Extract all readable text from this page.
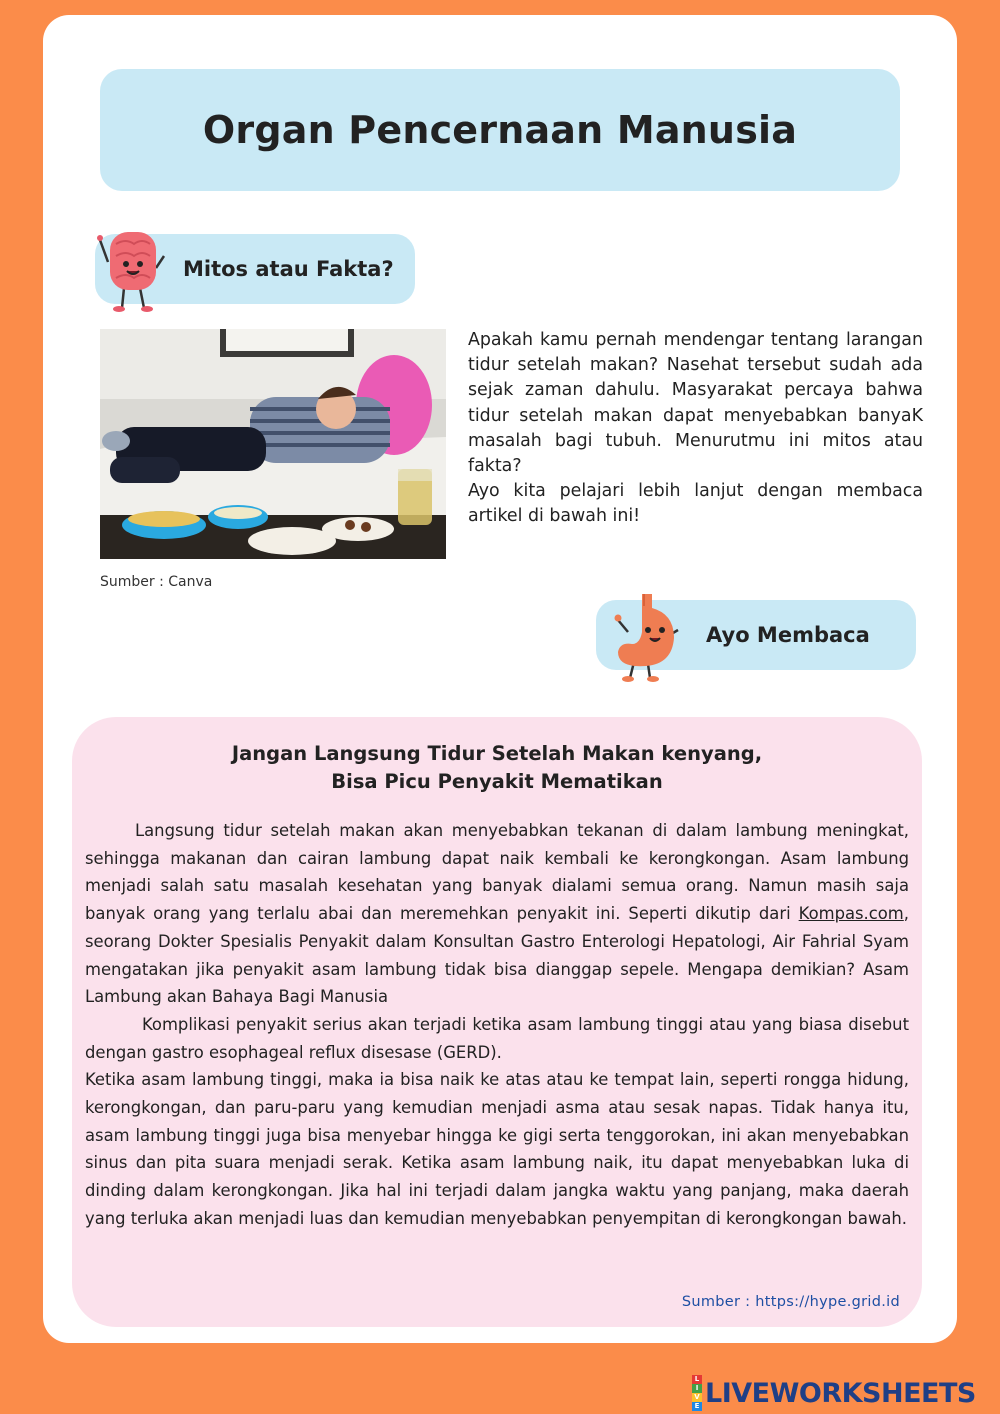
Organ Pencernaan Manusia
Mitos atau Fakta?
Sumber : Canva

Apakah kamu pernah mendengar tentang larangan tidur setelah makan? Nasehat tersebut sudah ada sejak zaman dahulu. Masyarakat percaya bahwa tidur setelah makan dapat menyebabkan banyaK masalah bagi tubuh. Menurutmu ini mitos atau fakta?

Ayo kita pelajari lebih lanjut dengan membaca artikel di bawah ini!

Ayo Membaca
Jangan Langsung Tidur Setelah Makan kenyang,
Bisa Picu Penyakit Mematikan

Langsung tidur setelah makan akan menyebabkan tekanan di dalam lambung meningkat, sehingga makanan dan cairan lambung dapat naik kembali ke kerongkongan. Asam lambung menjadi salah satu masalah kesehatan yang banyak dialami semua orang. Namun masih saja banyak orang yang terlalu abai dan meremehkan penyakit ini. Seperti dikutip dari Kompas.com, seorang Dokter Spesialis Penyakit dalam Konsultan Gastro Enterologi Hepatologi, Air Fahrial Syam mengatakan jika penyakit asam lambung tidak bisa dianggap sepele. Mengapa demikian? Asam Lambung akan Bahaya Bagi Manusia

Komplikasi penyakit serius akan terjadi ketika asam lambung tinggi atau yang biasa disebut dengan gastro esophageal reflux disesase (GERD).

Ketika asam lambung tinggi, maka ia bisa naik ke atas atau ke tempat lain, seperti rongga hidung, kerongkongan, dan paru-paru yang kemudian menjadi asma atau sesak napas. Tidak hanya itu, asam lambung tinggi juga bisa menyebar hingga ke gigi serta tenggorokan, ini akan menyebabkan sinus dan pita suara menjadi serak. Ketika asam lambung naik, itu dapat menyebabkan luka di dinding dalam kerongkongan. Jika hal ini terjadi dalam jangka waktu yang panjang, maka daerah yang terluka akan menjadi luas dan kemudian menyebabkan penyempitan di kerongkongan bawah.

Sumber : https://hype.grid.id
L
I
V
E LIVEWORKSHEETS
